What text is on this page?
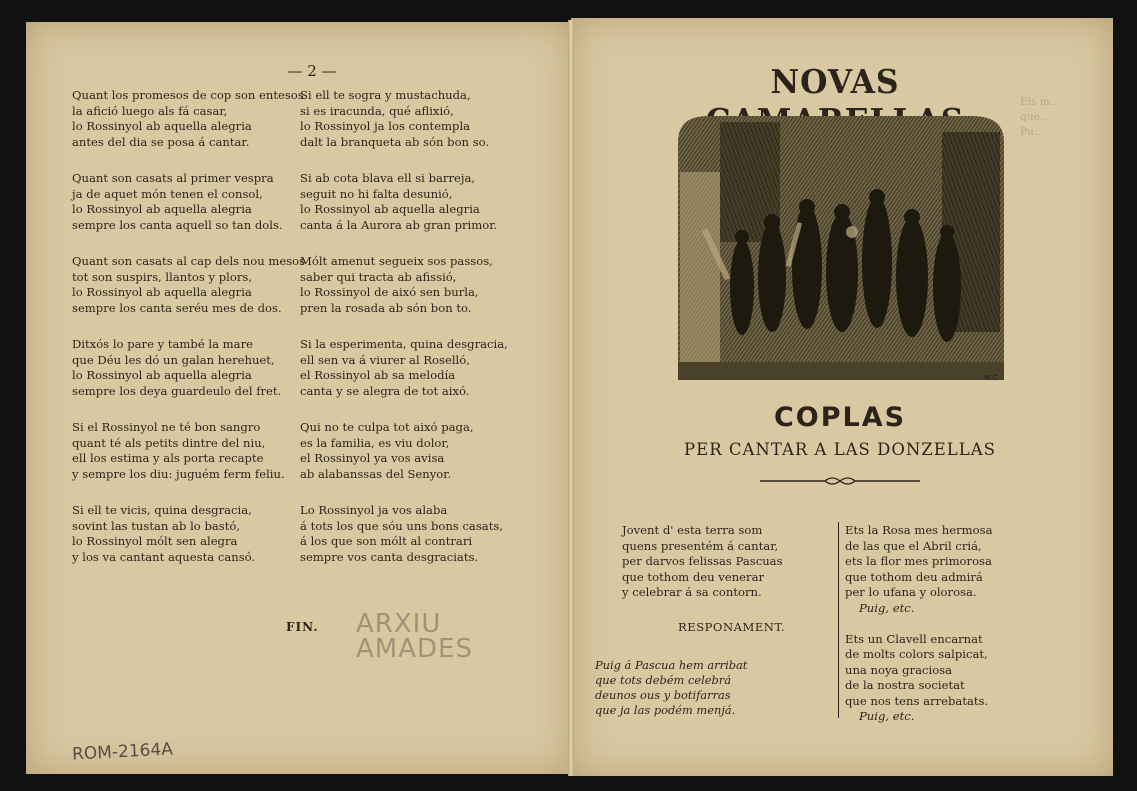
Els m...
que...
Pu...
— 2 —
Quant los promesos de cop son entesos
la afició luego als fá casar,
lo Rossinyol ab aquella alegria
antes del dia se posa á cantar.
Quant son casats al primer vespra
ja de aquet món tenen el consol,
lo Rossinyol ab aquella alegria
sempre los canta aquell so tan dols.
Quant son casats al cap dels nou mesos
tot son suspirs, llantos y plors,
lo Rossinyol ab aquella alegria
sempre los canta seréu mes de dos.
Ditxós lo pare y també la mare
que Déu les dó un galan herehuet,
lo Rossinyol ab aquella alegria
sempre los deya guardeulo del fret.
Si el Rossinyol ne té bon sangro
quant té als petits dintre del niu,
ell los estima y als porta recapte
y sempre los diu: juguém ferm feliu.
Si ell te vicis, quina desgracia,
sovint las tustan ab lo bastó,
lo Rossinyol mólt sen alegra
y los va cantant aquesta cansó.
Si ell te sogra y mustachuda,
si es iracunda, qué aflixió,
lo Rossinyol ja los contempla
dalt la branqueta ab són bon so.
Si ab cota blava ell si barreja,
seguit no hi falta desunió,
lo Rossinyol ab aquella alegria
canta á la Aurora ab gran primor.
Mólt amenut segueix sos passos,
saber qui tracta ab afissió,
lo Rossinyol de aixó sen burla,
pren la rosada ab són bon to.
Si la esperimenta, quina desgracia,
ell sen va á viurer al Roselló,
el Rossinyol ab sa melodía
canta y se alegra de tot aixó.
Qui no te culpa tot aixó paga,
es la familia, es viu dolor,
el Rossinyol ya vos avisa
ab alabanssas del Senyor.
Lo Rossinyol ja vos alaba
á tots los que sóu uns bons casats,
á los que son mólt al contrari
sempre vos canta desgraciats.
FIN. ARXIU
AMADES
ROM-2164A
NOVAS
M.C.
COPLAS
PER CANTAR A LAS DONZELLAS
Jovent d' esta terra som
quens presentém á cantar,
per darvos felissas Pascuas
que tothom deu venerar
y celebrar á sa contorn.
RESPONAMENT.
Puig á Pascua hem arribat
que tots debém celebrá
deunos ous y botifarras
que ja las podém menjá.
Ets la Rosa mes hermosa
de las que el Abril criá,
ets la flor mes primorosa
que tothom deu admirá
per lo ufana y olorosa.
Puig, etc.
Ets un Clavell encarnat
de molts colors salpicat,
una noya graciosa
de la nostra societat
que nos tens arrebatats.
Puig, etc.
